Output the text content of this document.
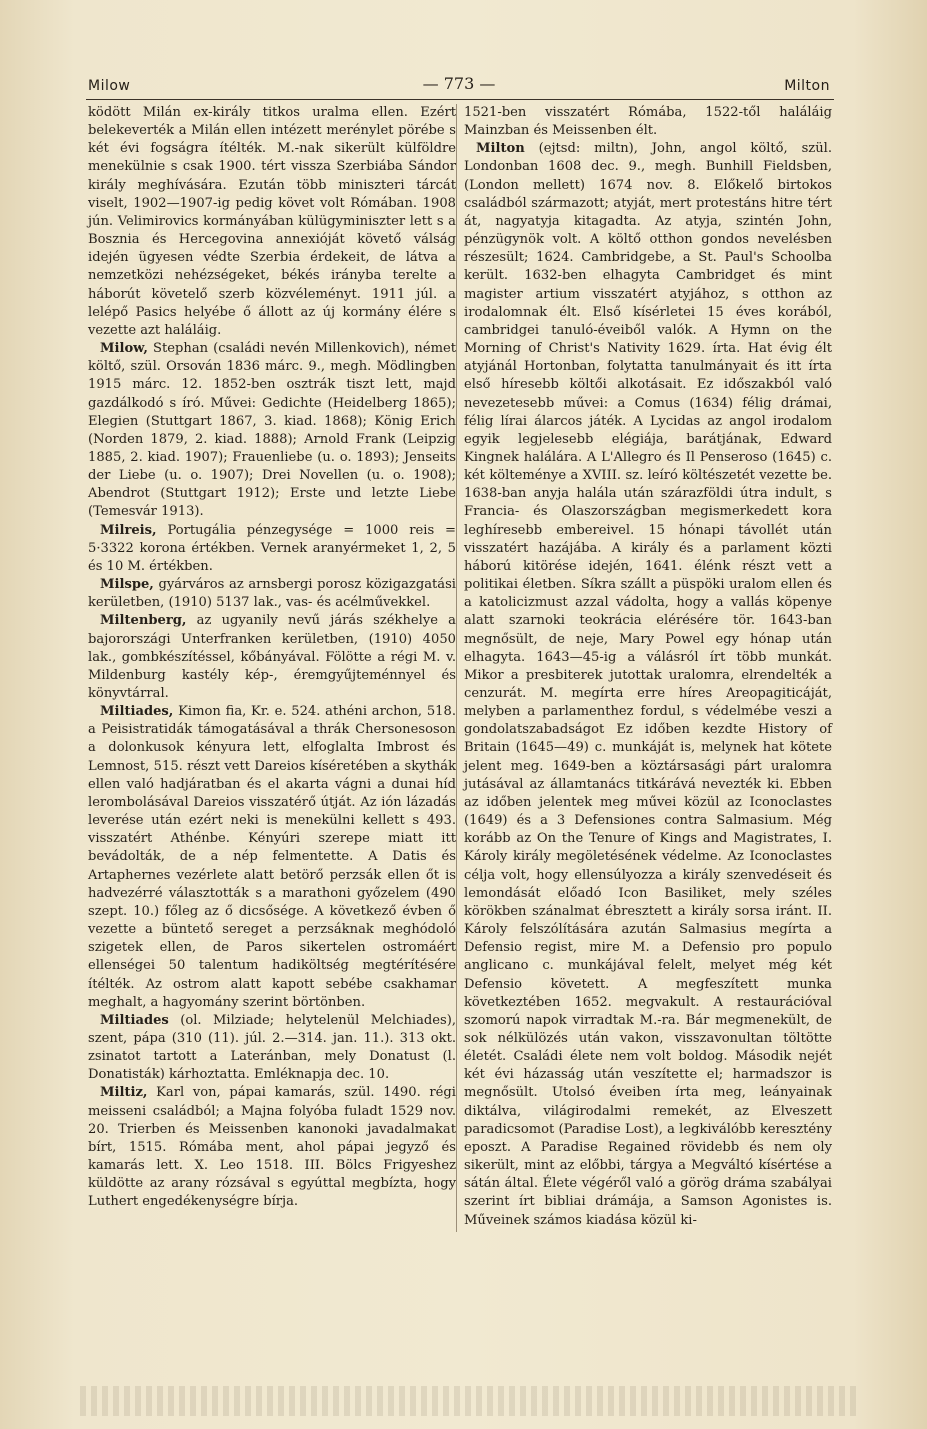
Milow	— 773 —	Milton

ködött Milán ex-király titkos uralma ellen. Ezért belekeverték a Milán ellen intézett merénylet pörébe s két évi fogságra ítélték. M.-nak sikerült külföldre menekülnie s csak 1900. tért vissza Szerbiába Sándor király meghívására. Ezután több miniszteri tárcát viselt, 1902—1907-ig pedig követ volt Rómában. 1908 jún. Velimirovics kormányában külügyminiszter lett s a Bosznia és Hercegovina annexióját követő válság idején ügyesen védte Szerbia érdekeit, de látva a nemzetközi nehézségeket, békés irányba terelte a háborút követelő szerb közvéleményt. 1911 júl. a lelépő Pasics helyébe ő állott az új kormány élére s vezette azt haláláig.

Milow, Stephan (családi nevén Millenkovich), német költő, szül. Orsován 1836 márc. 9., megh. Mödlingben 1915 márc. 12. 1852-ben osztrák tiszt lett, majd gazdálkodó s író. Művei: Gedichte (Heidelberg 1865); Elegien (Stuttgart 1867, 3. kiad. 1868); König Erich (Norden 1879, 2. kiad. 1888); Arnold Frank (Leipzig 1885, 2. kiad. 1907); Frauenliebe (u. o. 1893); Jenseits der Liebe (u. o. 1907); Drei Novellen (u. o. 1908); Abendrot (Stuttgart 1912); Erste und letzte Liebe (Temesvár 1913).

Milreis, Portugália pénzegysége = 1000 reis = 5·3322 korona értékben. Vernek aranyérmeket 1, 2, 5 és 10 M. értékben.

Milspe, gyárváros az arnsbergi porosz közigazgatási kerületben, (1910) 5137 lak., vas- és acélművekkel.

Miltenberg, az ugyanily nevű járás székhelye a bajorországi Unterfranken kerületben, (1910) 4050 lak., gombkészítéssel, kőbányával. Fölötte a régi M. v. Mildenburg kastély kép-, éremgyűjteménnyel és könyvtárral.

Miltiades, Kimon fia, Kr. e. 524. athéni archon, 518. a Peisistratidák támogatásával a thrák Chersonesoson a dolonkusok kényura lett, elfoglalta Imbrost és Lemnost, 515. részt vett Dareios kíséretében a skythák ellen való hadjáratban és el akarta vágni a dunai híd lerombolásával Dareios visszatérő útját. Az ión lázadás leverése után ezért neki is menekülni kellett s 493. visszatért Athénbe. Kényúri szerepe miatt itt bevádolták, de a nép felmentette. A Datis és Artaphernes vezérlete alatt betörő perzsák ellen őt is hadvezérré választották s a marathoni győzelem (490 szept. 10.) főleg az ő dicsősége. A következő évben ő vezette a büntető sereget a perzsáknak meghódoló szigetek ellen, de Paros sikertelen ostromáért ellenségei 50 talentum hadiköltség megtérítésére ítélték. Az ostrom alatt kapott sebébe csakhamar meghalt, a hagyomány szerint börtönben.

Miltiades (ol. Milziade; helytelenül Melchiades), szent, pápa (310 (11). júl. 2.—314. jan. 11.). 313 okt. zsinatot tartott a Lateránban, mely Donatust (l. Donatisták) kárhoztatta. Emléknapja dec. 10.

Miltiz, Karl von, pápai kamarás, szül. 1490. régi meisseni családból; a Majna folyóba fuladt 1529 nov. 20. Trierben és Meissenben kanonoki javadalmakat bírt, 1515. Rómába ment, ahol pápai jegyző és kamarás lett. X. Leo 1518. III. Bölcs Frigyeshez küldötte az arany rózsával s egyúttal megbízta, hogy Luthert engedékenységre bírja.

1521-ben visszatért Rómába, 1522-től haláláig Mainzban és Meissenben élt.

Milton (ejtsd: miltn), John, angol költő, szül. Londonban 1608 dec. 9., megh. Bunhill Fieldsben, (London mellett) 1674 nov. 8. Előkelő birtokos családból származott; atyját, mert protestáns hitre tért át, nagyatyja kitagadta. Az atyja, szintén John, pénzügynök volt. A költő otthon gondos nevelésben részesült; 1624. Cambridgebe, a St. Paul's Schoolba került. 1632-ben elhagyta Cambridget és mint magister artium visszatért atyjához, s otthon az irodalomnak élt. Első kísérletei 15 éves korából, cambridgei tanuló-éveiből valók. A Hymn on the Morning of Christ's Nativity 1629. írta. Hat évig élt atyjánál Hortonban, folytatta tanulmányait és itt írta első híresebb költői alkotásait. Ez időszakból való nevezetesebb művei: a Comus (1634) félig drámai, félig lírai álarcos játék. A Lycidas az angol irodalom egyik legjelesebb elégiája, barátjának, Edward Kingnek halálára. A L'Allegro és Il Penseroso (1645) c. két költeménye a XVIII. sz. leíró költészetét vezette be. 1638-ban anyja halála után szárazföldi útra indult, s Francia- és Olaszországban megismerkedett kora leghíresebb embereivel. 15 hónapi távollét után visszatért hazájába. A király és a parlament közti háború kitörése idején, 1641. élénk részt vett a politikai életben. Síkra szállt a püspöki uralom ellen és a katolicizmust azzal vádolta, hogy a vallás köpenye alatt szarnoki teokrácia elérésére tör. 1643-ban megnősült, de neje, Mary Powel egy hónap után elhagyta. 1643—45-ig a válásról írt több munkát. Mikor a presbiterek jutottak uralomra, elrendelték a cenzurát. M. megírta erre híres Areopagiticáját, melyben a parlamenthez fordul, s védelmébe veszi a gondolatszabadságot Ez időben kezdte History of Britain (1645—49) c. munkáját is, melynek hat kötete jelent meg. 1649-ben a köztársasági párt uralomra jutásával az államtanács titkárává nevezték ki. Ebben az időben jelentek meg művei közül az Iconoclastes (1649) és a 3 Defensiones contra Salmasium. Még korább az On the Tenure of Kings and Magistrates, I. Károly király megöletésének védelme. Az Iconoclastes célja volt, hogy ellensúlyozza a király szenvedéseit és lemondását előadó Icon Basiliket, mely széles körökben szánalmat ébresztett a király sorsa iránt. II. Károly felszólítására azután Salmasius megírta a Defensio regist, mire M. a Defensio pro populo anglicano c. munkájával felelt, melyet még két Defensio követett. A megfeszített munka következtében 1652. megvakult. A restaurációval szomorú napok virradtak M.-ra. Bár megmenekült, de sok nélkülözés után vakon, visszavonultan töltötte életét. Családi élete nem volt boldog. Második nejét két évi házasság után veszítette el; harmadszor is megnősült. Utolsó éveiben írta meg, leányainak diktálva, világirodalmi remekét, az Elveszett paradicsomot (Paradise Lost), a legkiválóbb keresztény eposzt. A Paradise Regained rövidebb és nem oly sikerült, mint az előbbi, tárgya a Megváltó kísértése a sátán által. Élete végéről való a görög dráma szabályai szerint írt bibliai drámája, a Samson Agonistes is. Műveinek számos kiadása közül ki-
